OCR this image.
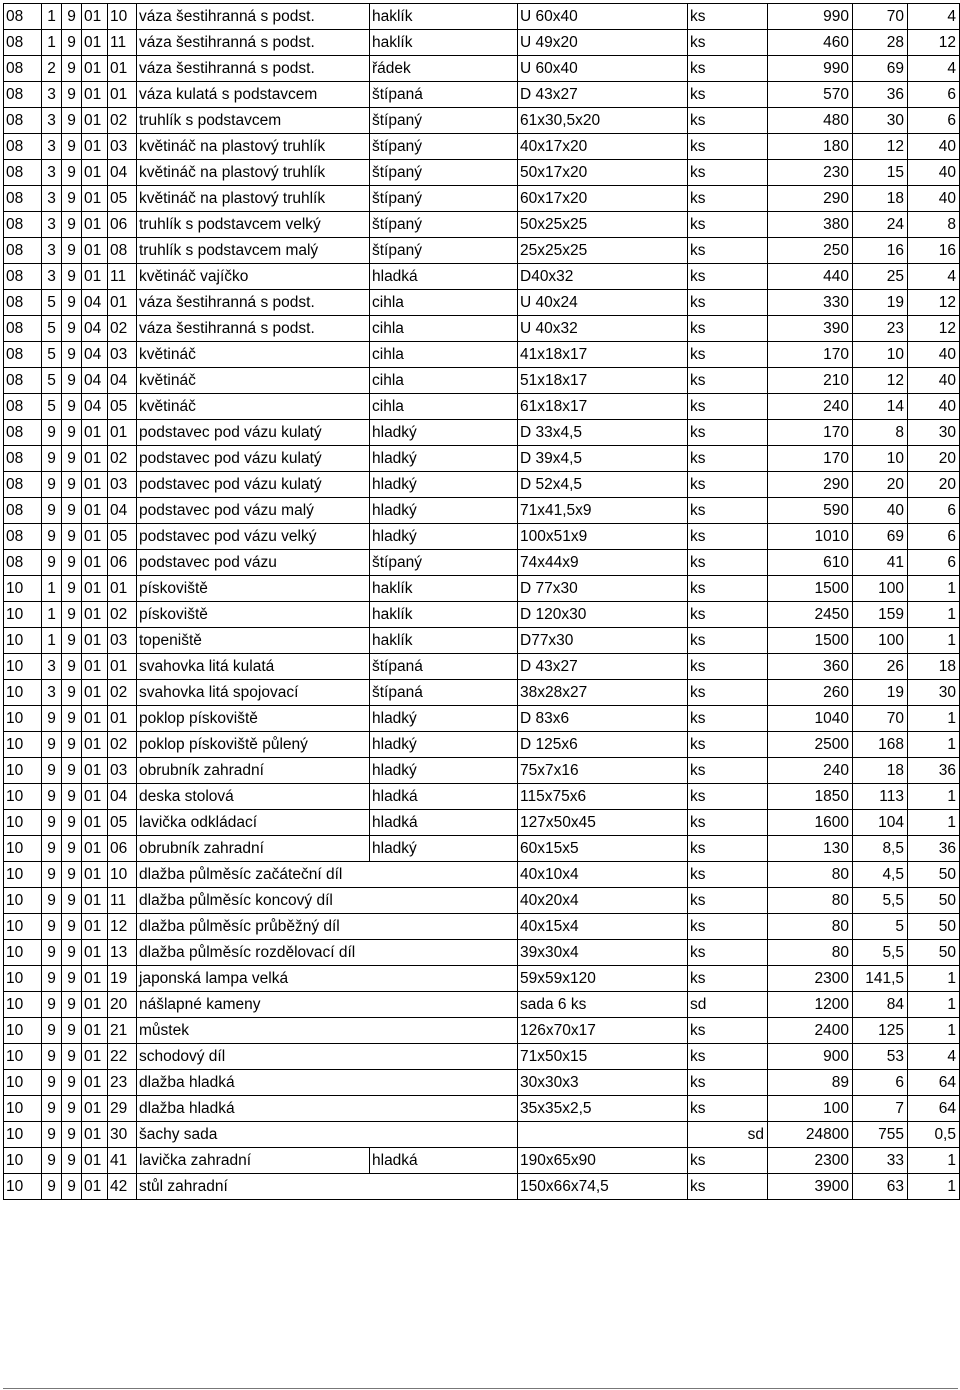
08	1	9	01	10	váza šestihranná s podst.	haklík	U 60x40	ks	990	70	4
08	1	9	01	11	váza šestihranná s podst.	haklík	U 49x20	ks	460	28	12
08	2	9	01	01	váza šestihranná s podst.	řádek	U 60x40	ks	990	69	4
08	3	9	01	01	váza kulatá s podstavcem	štípaná	D 43x27	ks	570	36	6
08	3	9	01	02	truhlík s podstavcem	štípaný	61x30,5x20	ks	480	30	6
08	3	9	01	03	květináč na plastový truhlík	štípaný	40x17x20	ks	180	12	40
08	3	9	01	04	květináč na plastový truhlík	štípaný	50x17x20	ks	230	15	40
08	3	9	01	05	květináč na plastový truhlík	štípaný	60x17x20	ks	290	18	40
08	3	9	01	06	truhlík s podstavcem velký	štípaný	50x25x25	ks	380	24	8
08	3	9	01	08	truhlík s podstavcem malý	štípaný	25x25x25	ks	250	16	16
08	3	9	01	11	květináč vajíčko	hladká	D40x32	ks	440	25	4
08	5	9	04	01	váza šestihranná s podst.	cihla	U 40x24	ks	330	19	12
08	5	9	04	02	váza šestihranná s podst.	cihla	U 40x32	ks	390	23	12
08	5	9	04	03	květináč	cihla	41x18x17	ks	170	10	40
08	5	9	04	04	květináč	cihla	51x18x17	ks	210	12	40
08	5	9	04	05	květináč	cihla	61x18x17	ks	240	14	40
08	9	9	01	01	podstavec pod vázu kulatý	hladký	D 33x4,5	ks	170	8	30
08	9	9	01	02	podstavec pod vázu kulatý	hladký	D 39x4,5	ks	170	10	20
08	9	9	01	03	podstavec pod vázu kulatý	hladký	D 52x4,5	ks	290	20	20
08	9	9	01	04	podstavec pod vázu malý	hladký	71x41,5x9	ks	590	40	6
08	9	9	01	05	podstavec pod vázu velký	hladký	100x51x9	ks	1010	69	6
08	9	9	01	06	podstavec pod vázu	štípaný	74x44x9	ks	610	41	6
10	1	9	01	01	pískoviště	haklík	D 77x30	ks	1500	100	1
10	1	9	01	02	pískoviště	haklík	D 120x30	ks	2450	159	1
10	1	9	01	03	topeniště	haklík	D77x30	ks	1500	100	1
10	3	9	01	01	svahovka litá kulatá	štípaná	D 43x27	ks	360	26	18
10	3	9	01	02	svahovka litá spojovací	štípaná	38x28x27	ks	260	19	30
10	9	9	01	01	poklop pískoviště	hladký	D 83x6	ks	1040	70	1
10	9	9	01	02	poklop pískoviště půlený	hladký	D 125x6	ks	2500	168	1
10	9	9	01	03	obrubník zahradní	hladký	75x7x16	ks	240	18	36
10	9	9	01	04	deska stolová	hladká	115x75x6	ks	1850	113	1
10	9	9	01	05	lavička odkládací	hladká	127x50x45	ks	1600	104	1
10	9	9	01	06	obrubník zahradní	hladký	60x15x5	ks	130	8,5	36
10	9	9	01	10	dlažba půlměsíc začáteční díl		40x10x4	ks	80	4,5	50
10	9	9	01	11	dlažba půlměsíc koncový díl		40x20x4	ks	80	5,5	50
10	9	9	01	12	dlažba půlměsíc průběžný díl		40x15x4	ks	80	5	50
10	9	9	01	13	dlažba půlměsíc rozdělovací díl		39x30x4	ks	80	5,5	50
10	9	9	01	19	japonská lampa velká		59x59x120	ks	2300	141,5	1
10	9	9	01	20	nášlapné kameny		sada 6 ks	sd	1200	84	1
10	9	9	01	21	můstek		126x70x17	ks	2400	125	1
10	9	9	01	22	schodový díl		71x50x15	ks	900	53	4
10	9	9	01	23	dlažba hladká		30x30x3	ks	89	6	64
10	9	9	01	29	dlažba hladká		35x35x2,5	ks	100	7	64
10	9	9	01	30	šachy sada			sd	24800	755	0,5
10	9	9	01	41	lavička zahradní	hladká	190x65x90	ks	2300	33	1
10	9	9	01	42	stůl zahradní		150x66x74,5	ks	3900	63	1
